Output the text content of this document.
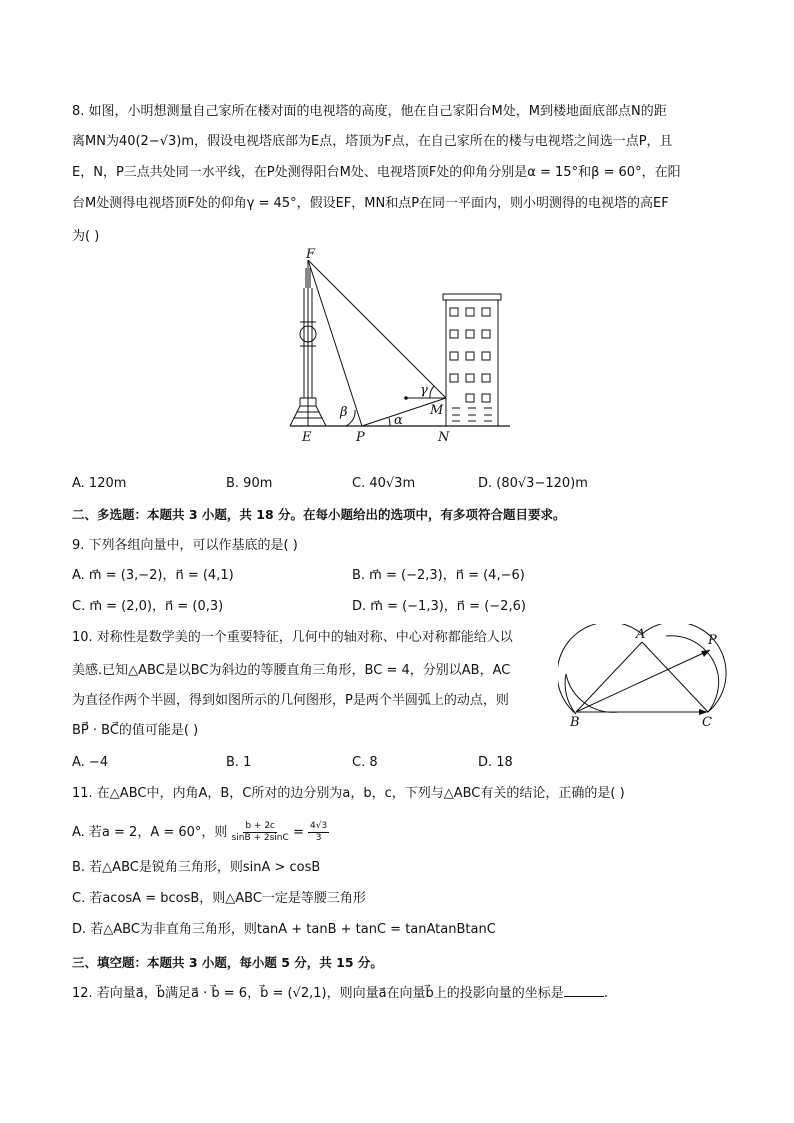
8. 如图，小明想测量自己家所在楼对面的电视塔的高度，他在自己家阳台M处，M到楼地面底部点N的距
离MN为40(2−√3)m，假设电视塔底部为E点，塔顶为F点，在自己家所在的楼与电视塔之间选一点P，且
E，N，P三点共处同一水平线，在P处测得阳台M处、电视塔顶F处的仰角分别是α = 15°和β = 60°，在阳
台M处测得电视塔顶F处的仰角γ = 45°，假设EF，MN和点P在同一平面内，则小明测得的电视塔的高EF
为( )
F
E	P	N
M
α
β
γ
A. 120m	B. 90m	C. 40√3m	D. (80√3−120)m
二、多选题：本题共 3 小题，共 18 分。在每小题给出的选项中，有多项符合题目要求。
9. 下列各组向量中，可以作基底的是( )
A. m⃗ = (3,−2)，n⃗ = (4,1)	B. m⃗ = (−2,3)，n⃗ = (4,−6)
C. m⃗ = (2,0)，n⃗ = (0,3)	D. m⃗ = (−1,3)，n⃗ = (−2,6)
10. 对称性是数学美的一个重要特征，几何中的轴对称、中心对称都能给人以
美感.已知△ABC是以BC为斜边的等腰直角三角形，BC = 4，分别以AB，AC
为直径作两个半圆，得到如图所示的几何图形，P是两个半圆弧上的动点，则
BP⃗ · BC⃗的值可能是( )
A	P
B	C
A. −4	B. 1	C. 8	D. 18
11. 在△ABC中，内角A，B，C所对的边分别为a，b，c，下列与△ABC有关的结论，正确的是( )
A. 若a = 2，A = 60°，则 $\frac{b + 2c}{\sin B + 2\sin C} = \frac{4√3}{3}$
B. 若△ABC是锐角三角形，则sinA > cosB
C. 若acosA = bcosB，则△ABC一定是等腰三角形
D. 若△ABC为非直角三角形，则tanA + tanB + tanC = tanAtanBtanC
三、填空题：本题共 3 小题，每小题 5 分，共 15 分。
12. 若向量a⃗，b⃗满足a⃗ · b⃗ = 6，b⃗ = (√2,1)，则向量a⃗在向量b⃗上的投影向量的坐标是	.
